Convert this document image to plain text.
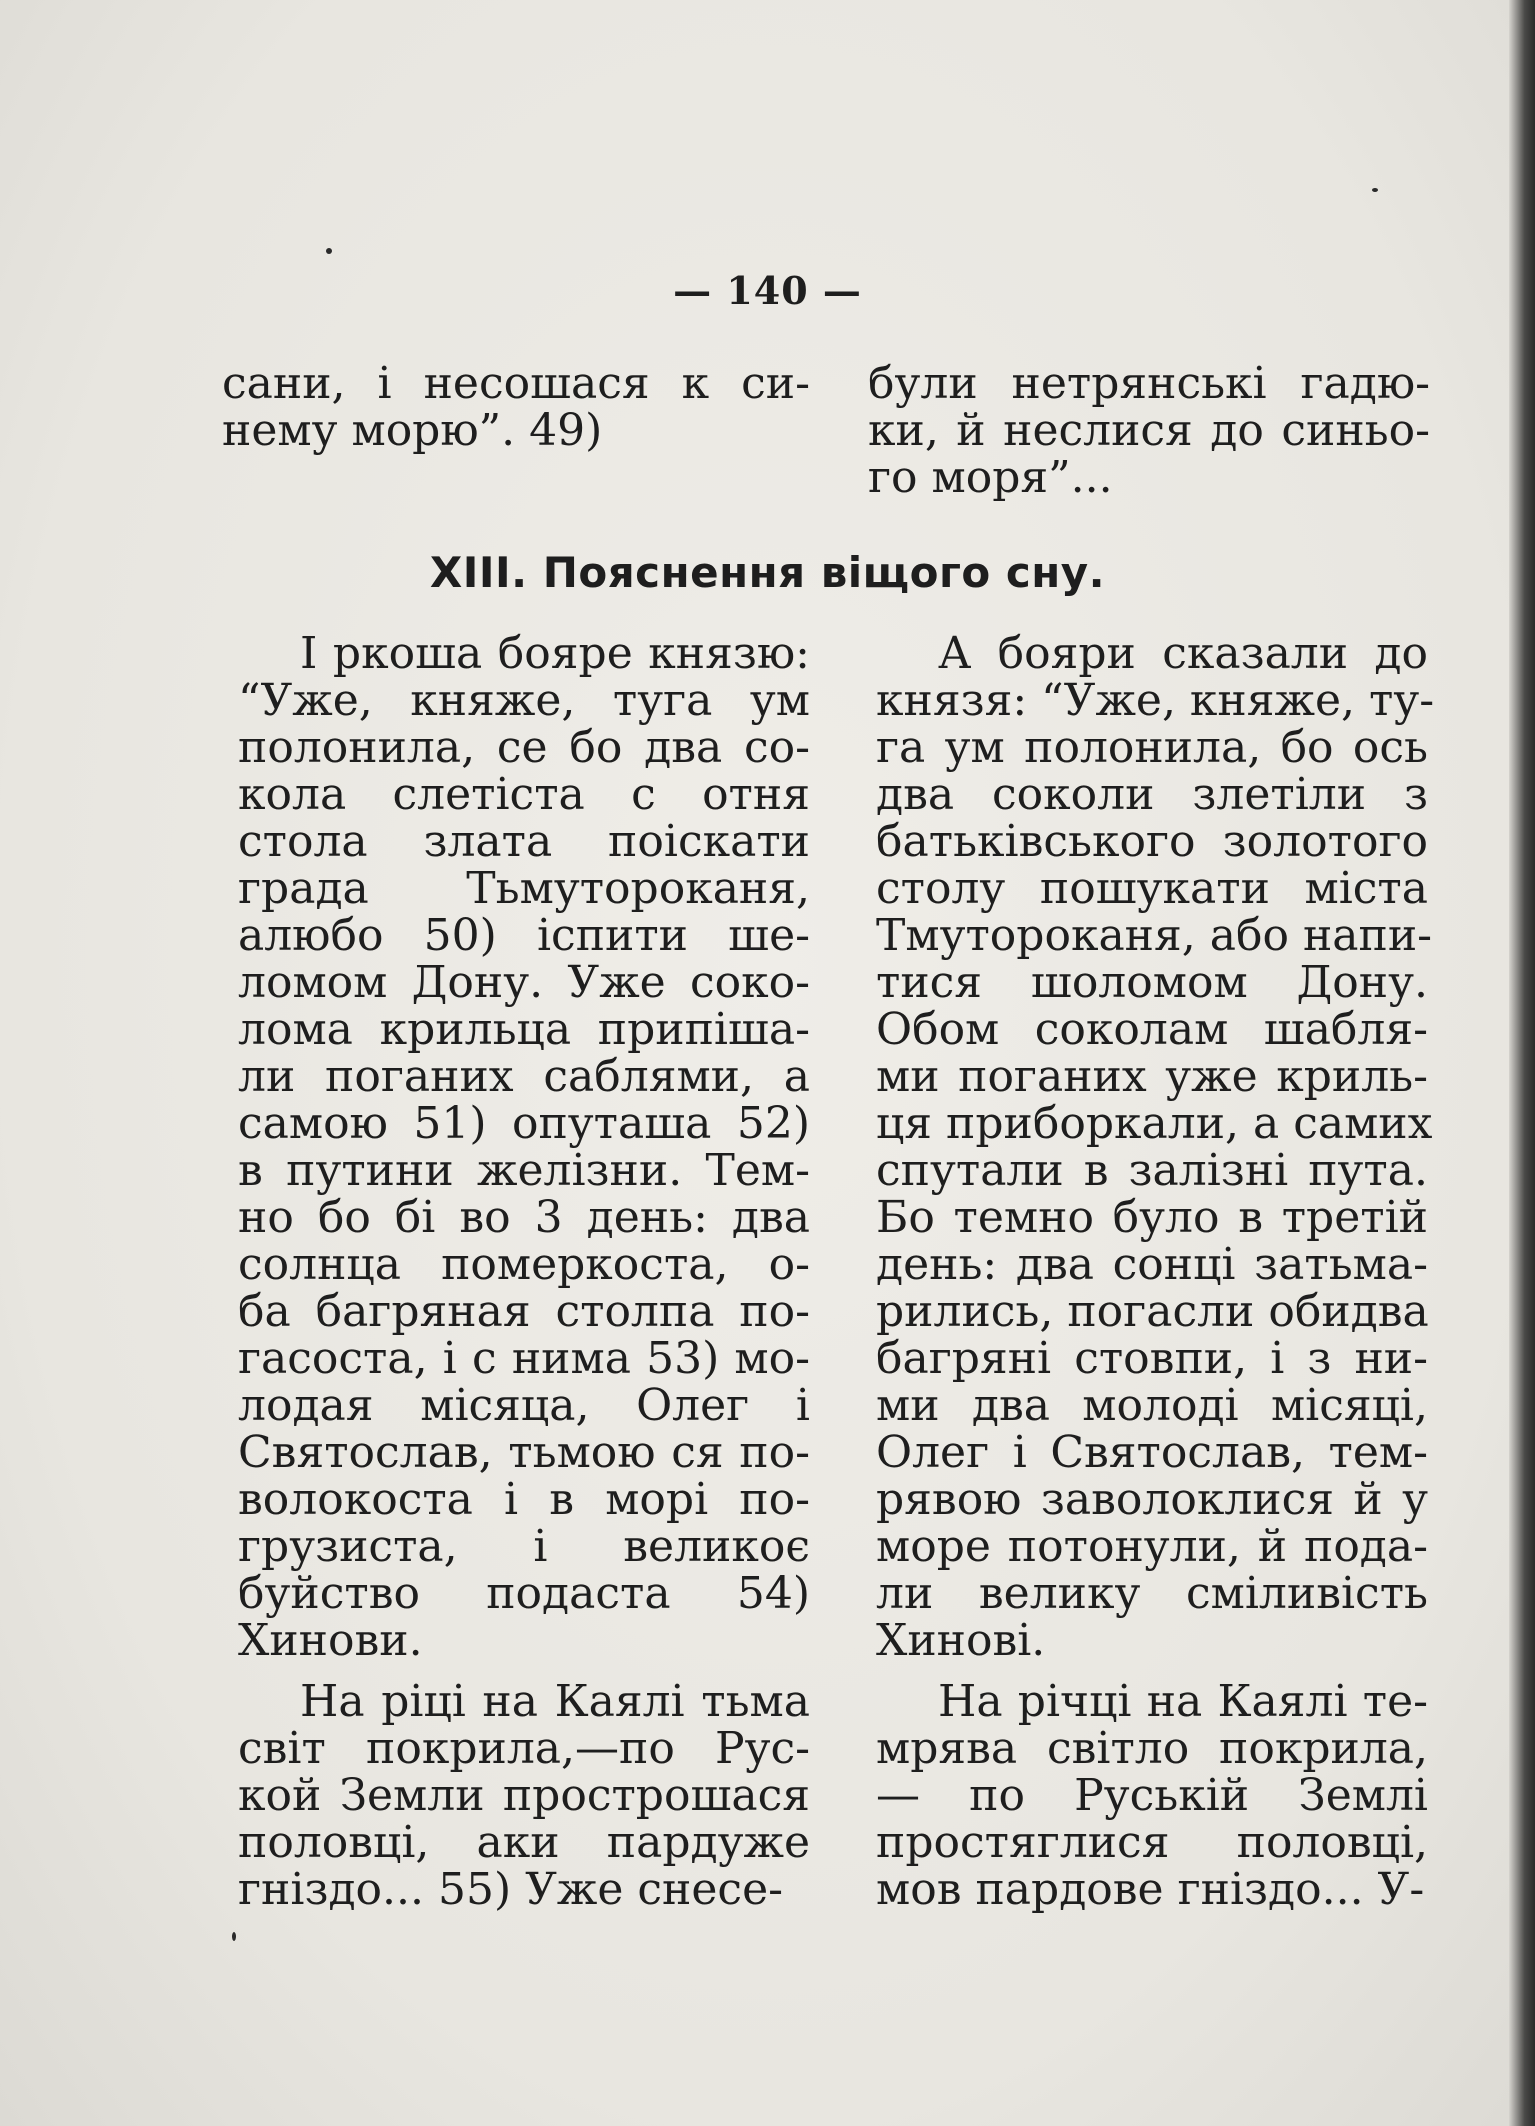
— 140 —
сани, і несошася к си-
нему морю”. 49)
були нетрянські гадю-
ки, й неслися до синьо-
го моря”...
ХІІІ. Пояснення віщого сну.
І ркоша бояре князю:
“Уже, княже, туга ум
полонила, се бо два со-
кола слетіста с отня
стола злата поіскати
града Тьмутороканя,
алюбо 50) іспити ше-
ломом Дону. Уже соко-
лома крильца припіша-
ли поганих саблями, а
самою 51) опуташа 52)
в путини желізни. Тем-
но бо бі во 3 день: два
солнца померкоста, о-
ба багряная столпа по-
гасоста, і с нима 53) мо-
лодая місяца, Олег і
Святослав, тьмою ся по-
волокоста і в морі по-
грузиста, і великоє
буйство подаста 54)
Хинови.
На ріці на Каялі тьма
світ покрила,—по Рус-
кой Земли прострошася
половці, аки пардуже
гніздо... 55) Уже снесе-
А бояри сказали до
князя: “Уже, княже, ту-
га ум полонила, бо ось
два соколи злетіли з
батьківського золотого
столу пошукати міста
Тмутороканя, або напи-
тися шоломом Дону.
Обом соколам шабля-
ми поганих уже криль-
ця приборкали, а самих
спутали в залізні пута.
Бо темно було в третій
день: два сонці затьма-
рились, погасли обидва
багряні стовпи, і з ни-
ми два молоді місяці,
Олег і Святослав, тем-
рявою заволоклися й у
море потонули, й пода-
ли велику сміливість
Хинові.
На річці на Каялі те-
мрява світло покрила,
— по Руській Землі
простяглися половці,
мов пардове гніздо... У-
